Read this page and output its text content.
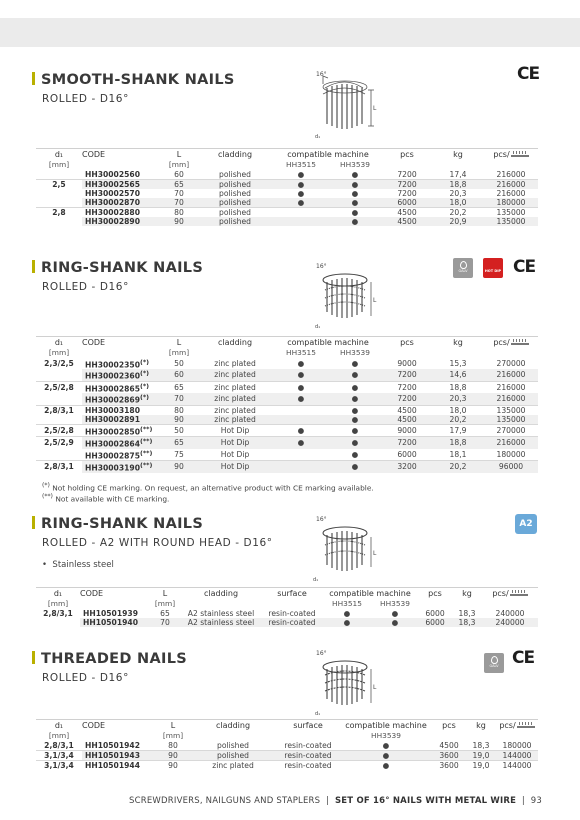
SMOOTH-SHANK NAILS
ROLLED - D16°
CE
16°
L
d₁
d₁	CODE	L	cladding	compatible machine		pcs	kg	pcs/
[mm]		[mm]		HH3515	HH3539			
	HH30002560	60	polished	●	●	7200	17,4	216000
2,5	HH30002565	65	polished	●	●	7200	18,8	216000
	HH30002570	70	polished	●	●	7200	20,3	216000
	HH30002870	70	polished	●	●	6000	18,0	180000
2,8	HH30002880	80	polished		●	4500	20,2	135000
	HH30002890	90	polished		●	4500	20,9	135000
RING-SHANK NAILS
ROLLED - D16°
GALV	HOT DIP CE
16°
L
d₁
d₁	CODE	L	cladding	compatible machine		pcs	kg	pcs/
[mm]		[mm]		HH3515	HH3539			
2,3/2,5	HH30002350(*)	50	zinc plated	●	●	9000	15,3	270000
	HH30002360(*)	60	zinc plated	●	●	7200	14,6	216000
2,5/2,8	HH30002865(*)	65	zinc plated	●	●	7200	18,8	216000
	HH30002869(*)	70	zinc plated	●	●	7200	20,3	216000
2,8/3,1	HH30003180	80	zinc plated		●	4500	18,0	135000
	HH30002891	90	zinc plated		●	4500	20,2	135000
2,5/2,8	HH30002850(**)	50	Hot Dip	●	●	9000	17,9	270000
2,5/2,9	HH30002864(**)	65	Hot Dip	●	●	7200	18,8	216000
	HH30002875(**)	75	Hot Dip		●	6000	18,1	180000
2,8/3,1	HH30003190(**)	90	Hot Dip		●	3200	20,2	96000
(*) Not holding CE marking. On request, an alternative product with CE marking available.
(**) Not available with CE marking.
RING-SHANK NAILS
ROLLED - A2 WITH ROUND HEAD - D16°
A2
•  Stainless steel
16°
L
d₁
d₁	CODE	L	cladding	surface	compatible machine		pcs	kg	pcs/
[mm]		[mm]			HH3515	HH3539			
2,8/3,1	HH10501939	65	A2 stainless steel	resin-coated	●	●	6000	18,3	240000
	HH10501940	70	A2 stainless steel	resin-coated	●	●	6000	18,3	240000
THREADED NAILS
ROLLED - D16°
GALV CE
16°
L
d₁
d₁	CODE	L	cladding	surface	compatible machine	pcs	kg	pcs/
[mm]		[mm]			HH3539			
2,8/3,1	HH10501942	80	polished	resin-coated	●	4500	18,3	180000
3,1/3,4	HH10501943	90	polished	resin-coated	●	3600	19,0	144000
3,1/3,4	HH10501944	90	zinc plated	resin-coated	●	3600	19,0	144000
SCREWDRIVERS, NAILGUNS AND STAPLERS | SET OF 16° NAILS WITH METAL WIRE | 93
